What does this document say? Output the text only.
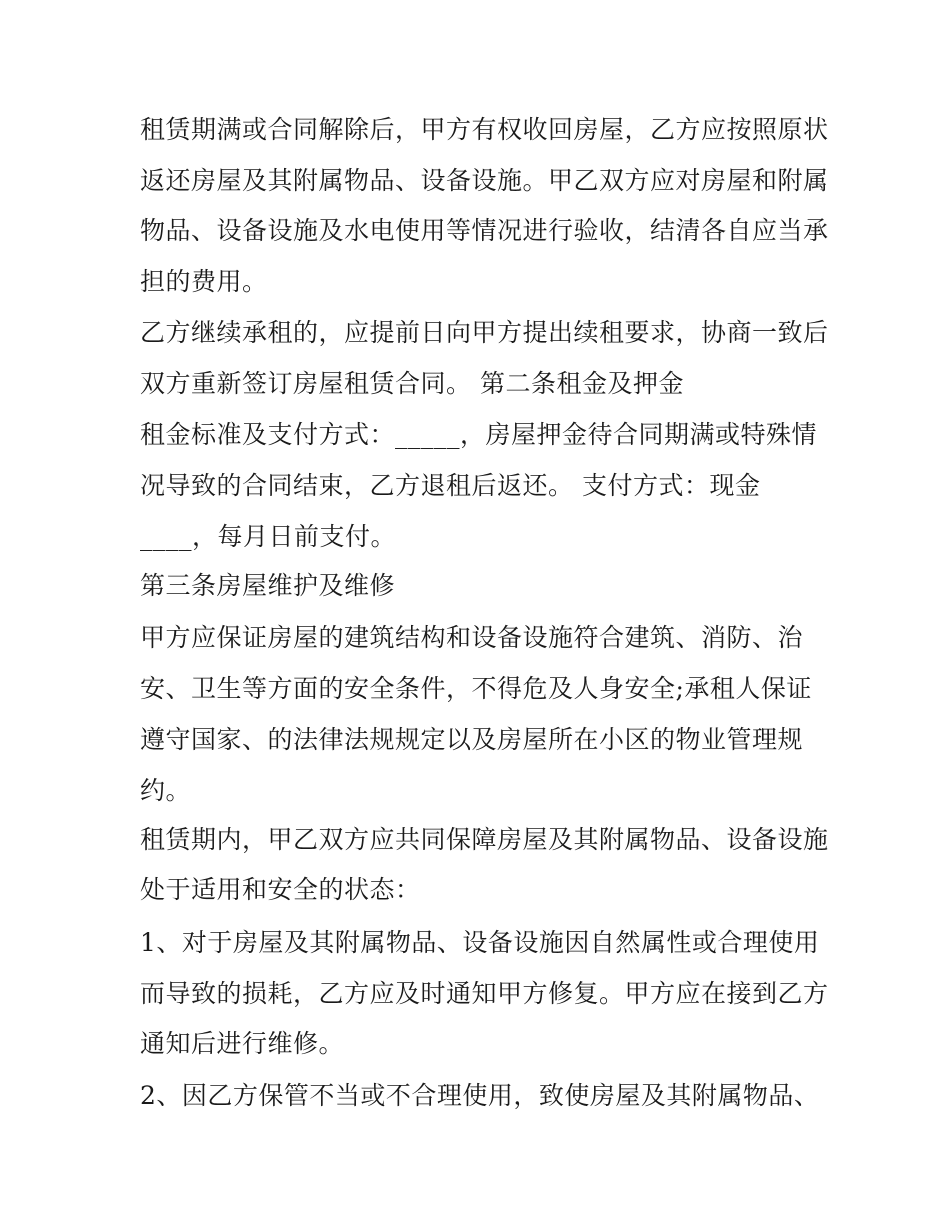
租赁期满或合同解除后，甲方有权收回房屋，乙方应按照原状
返还房屋及其附属物品、设备设施。甲乙双方应对房屋和附属
物品、设备设施及水电使用等情况进行验收，结清各自应当承
担的费用。
乙方继续承租的，应提前日向甲方提出续租要求，协商一致后
双方重新签订房屋租赁合同。 第二条租金及押金
租金标准及支付方式：_____，房屋押金待合同期满或特殊情
况导致的合同结束，乙方退租后返还。 支付方式：现金
____，每月日前支付。
第三条房屋维护及维修
甲方应保证房屋的建筑结构和设备设施符合建筑、消防、治
安、卫生等方面的安全条件，不得危及人身安全;承租人保证
遵守国家、的法律法规规定以及房屋所在小区的物业管理规
约。
租赁期内，甲乙双方应共同保障房屋及其附属物品、设备设施
处于适用和安全的状态：
1、对于房屋及其附属物品、设备设施因自然属性或合理使用
而导致的损耗，乙方应及时通知甲方修复。甲方应在接到乙方
通知后进行维修。
2、因乙方保管不当或不合理使用，致使房屋及其附属物品、
